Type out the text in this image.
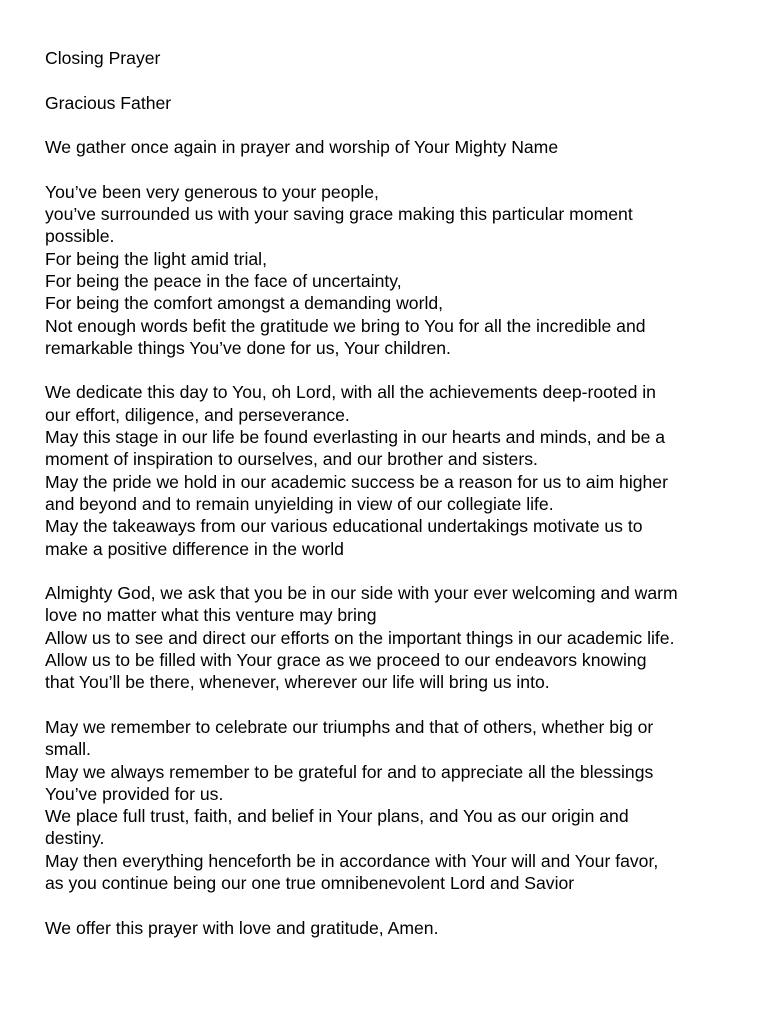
Closing Prayer

Gracious Father

We gather once again in prayer and worship of Your Mighty Name

You’ve been very generous to your people,
you’ve surrounded us with your saving grace making this particular moment
possible.
For being the light amid trial,
For being the peace in the face of uncertainty,
For being the comfort amongst a demanding world,
Not enough words befit the gratitude we bring to You for all the incredible and
remarkable things You’ve done for us, Your children.

We dedicate this day to You, oh Lord, with all the achievements deep-rooted in
our effort, diligence, and perseverance.
May this stage in our life be found everlasting in our hearts and minds, and be a
moment of inspiration to ourselves, and our brother and sisters.
May the pride we hold in our academic success be a reason for us to aim higher
and beyond and to remain unyielding in view of our collegiate life.
May the takeaways from our various educational undertakings motivate us to
make a positive difference in the world

Almighty God, we ask that you be in our side with your ever welcoming and warm
love no matter what this venture may bring
Allow us to see and direct our efforts on the important things in our academic life.
Allow us to be filled with Your grace as we proceed to our endeavors knowing
that You’ll be there, whenever, wherever our life will bring us into.

May we remember to celebrate our triumphs and that of others, whether big or
small.
May we always remember to be grateful for and to appreciate all the blessings
You’ve provided for us.
We place full trust, faith, and belief in Your plans, and You as our origin and
destiny.
May then everything henceforth be in accordance with Your will and Your favor,
as you continue being our one true omnibenevolent Lord and Savior

We offer this prayer with love and gratitude, Amen.
